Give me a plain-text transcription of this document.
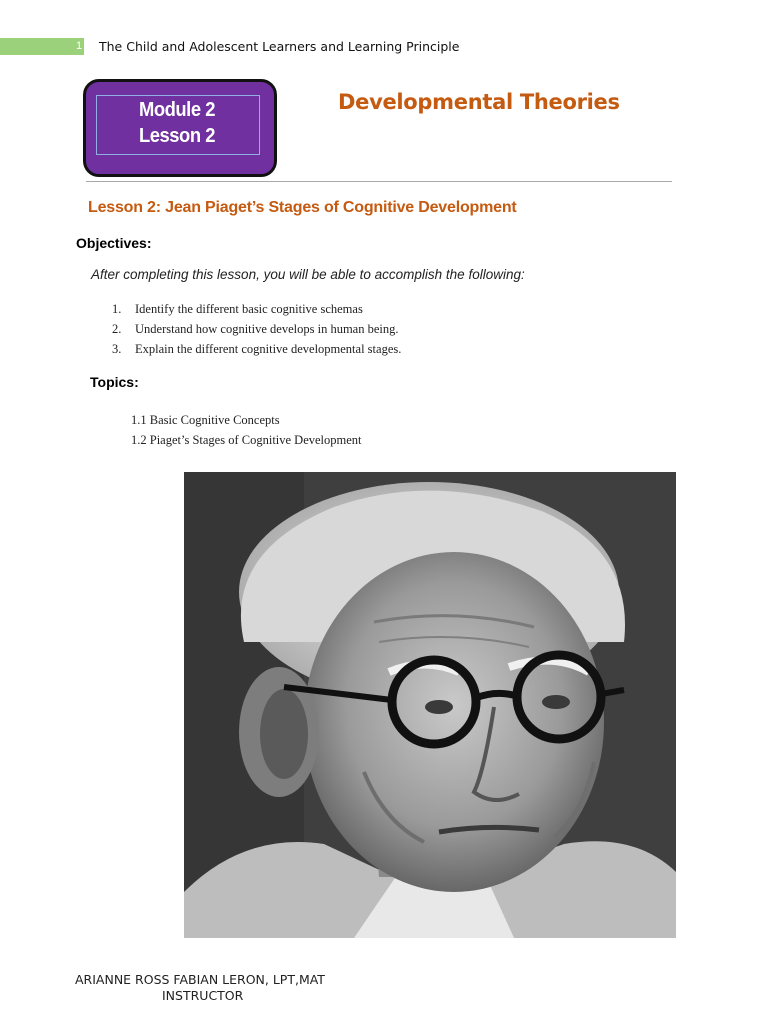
1 The Child and Adolescent Learners and Learning Principle
Module 2
Lesson 2
Developmental Theories
Lesson 2: Jean Piaget’s Stages of Cognitive Development
Objectives:
After completing this lesson, you will be able to accomplish the following:
1. Identify the different basic cognitive schemas
2. Understand how cognitive develops in human being.
3. Explain the different cognitive developmental stages.
Topics:
1.1 Basic Cognitive Concepts
1.2 Piaget’s Stages of Cognitive Development
ARIANNE ROSS FABIAN LERON, LPT,MAT
INSTRUCTOR
